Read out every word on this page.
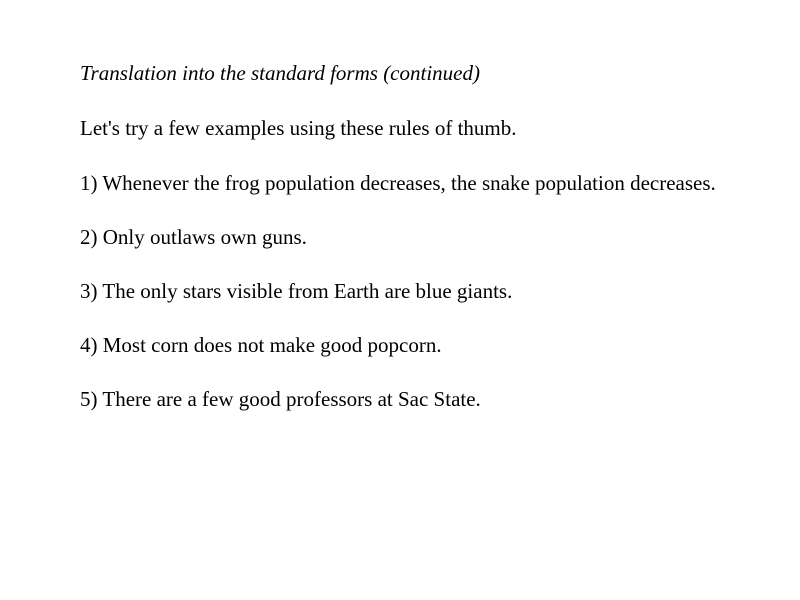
Translation into the standard forms (continued)
Let's try a few examples using these rules of thumb.
1) Whenever the frog population decreases, the snake population decreases.
2) Only outlaws own guns.
3) The only stars visible from Earth are blue giants.
4) Most corn does not make good popcorn.
5) There are a few good professors at Sac State.
